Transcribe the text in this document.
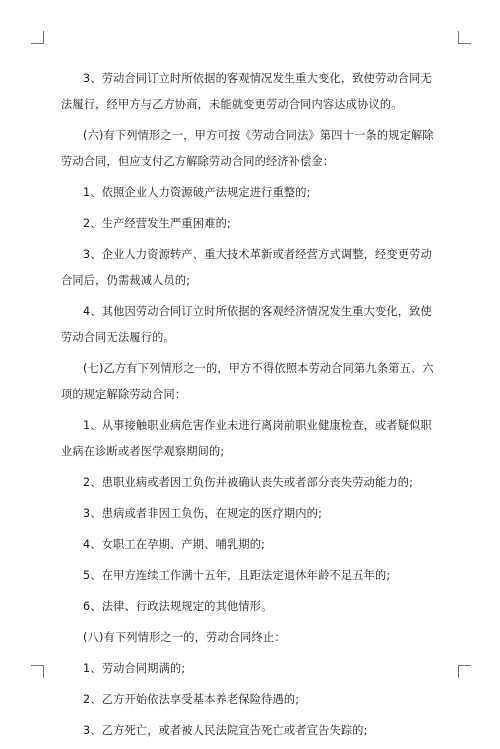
3、劳动合同订立时所依据的客观情况发生重大变化，致使劳动合同无法履行，经甲方与乙方协商，未能就变更劳动合同内容达成协议的。

(六)有下列情形之一，甲方可按《劳动合同法》第四十一条的规定解除劳动合同，但应支付乙方解除劳动合同的经济补偿金：

1、依照企业人力资源破产法规定进行重整的;

2、生产经营发生严重困难的;

3、企业人力资源转产、重大技术革新或者经营方式调整，经变更劳动合同后，仍需裁减人员的;

4、其他因劳动合同订立时所依据的客观经济情况发生重大变化，致使劳动合同无法履行的。

(七)乙方有下列情形之一的，甲方不得依照本劳动合同第九条第五、六项的规定解除劳动合同：

1、从事接触职业病危害作业未进行离岗前职业健康检查，或者疑似职业病在诊断或者医学观察期间的;

2、患职业病或者因工负伤并被确认丧失或者部分丧失劳动能力的;

3、患病或者非因工负伤，在规定的医疗期内的;

4、女职工在孕期、产期、哺乳期的;

5、在甲方连续工作满十五年，且距法定退休年龄不足五年的;

6、法律、行政法规规定的其他情形。

(八)有下列情形之一的，劳动合同终止：

1、劳动合同期满的;

2、乙方开始依法享受基本养老保险待遇的;

3、乙方死亡，或者被人民法院宣告死亡或者宣告失踪的;
